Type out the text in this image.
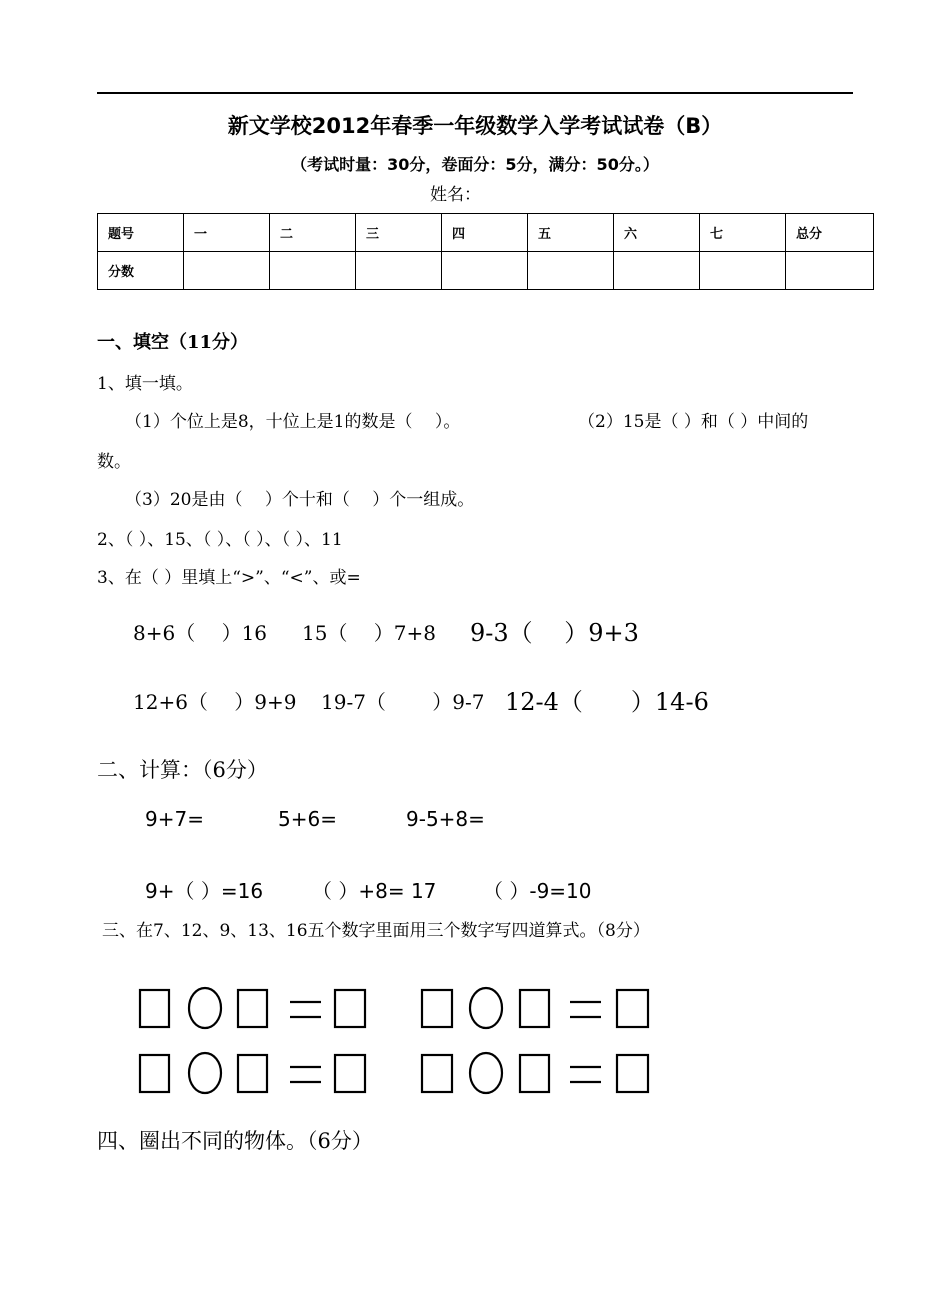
新文学校2012年春季一年级数学入学考试试卷（B）
（考试时量：30分，卷面分：5分，满分：50分。）
姓名：
题号	一	二	三	四	五	六	七	总分
分数								
一、填空（11分）
1、填一填。
（1）个位上是8，十位上是1的数是（　 ）。	（2）15是（ ）和（ ）中间的
数。
（3）20是由（　 ）个十和（　 ）个一组成。
2、（ ）、15、（ ）、（ ）、（ ）、11
3、在（ ）里填上“>”、“<”、或=
8+6（　 ）16 15（　 ）7+8 9-3（　 ）9+3
12+6（　 ）9+9 19-7（　　 ）9-7 12-4（　　）14-6
二、计算：（6分）
9+7=	5+6=	9-5+8=
9+（ ）=16 （ ）+8= 17 （ ）-9=10
三、在7、12、9、13、16五个数字里面用三个数字写四道算式。（8分）
四、圈出不同的物体。（6分）
